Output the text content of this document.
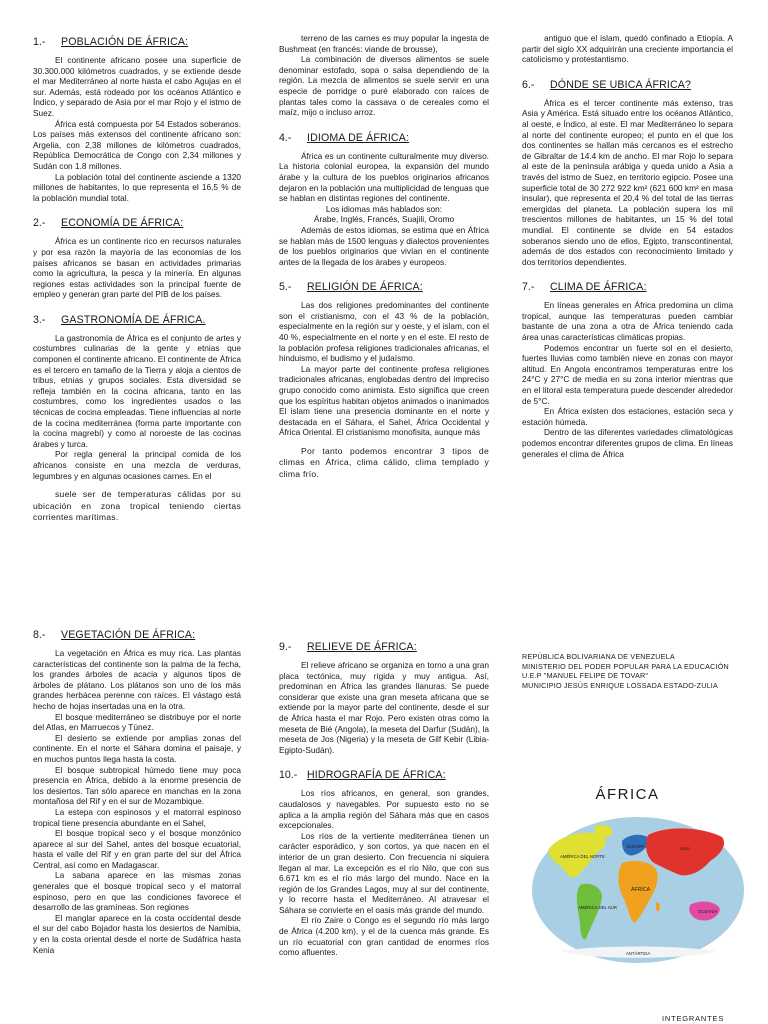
1.- POBLACIÓN DE ÁFRICA:

El continente africano posee una superficie de 30.300.000 kilómetros cuadrados, y se extiende desde el mar Mediterráneo al norte hasta el cabo Agujas en el sur. Además, está rodeado por los océanos Atlántico e Índico, y separado de Asia por el mar Rojo y el istmo de Suez.

África está compuesta por 54 Estados soberanos. Los países más extensos del continente africano son: Argelia, con 2,38 millones de kilómetros cuadrados, República Democrática de Congo con 2,34 millones y Sudán con 1.8 millones.

La población total del continente asciende a 1320 millones de habitantes, lo que representa el 16,5 % de la población mundial total.

2.- ECONOMÍA DE ÁFRICA:

África es un continente rico en recursos naturales y por esa razón la mayoría de las economías de los países africanos se basan en actividades primarias como la agricultura, la pesca y la minería. En algunas regiones estas actividades son la principal fuente de empleo y generan gran parte del PIB de los países.

3.- GASTRONOMÍA DE ÁFRICA.

La gastronomía de África es el conjunto de artes y costumbres culinarias de la gente y etnias que componen el continente africano. El continente de África es el tercero en tamaño de la Tierra y aloja a cientos de tribus, etnias y grupos sociales. Esta diversidad se refleja también en la cocina africana, tanto en las costumbres, como los ingredientes usados o las técnicas de cocina empleadas. Tiene influencias al norte de la cocina mediterránea (forma parte importante con la cocina magrebí) y como al noroeste de las cocinas árabes y turca.

Por regla general la principal comida de los africanos consiste en una mezcla de verduras, legumbres y en algunas ocasiones carnes. En el

suele ser de temperaturas cálidas por su ubicación en zona tropical teniendo ciertas corrientes marítimas.

terreno de las carnes es muy popular la ingesta de Bushmeat (en francés: viande de brousse),

La combinación de diversos alimentos se suele denominar estofado, sopa o salsa dependiendo de la región. La mezcla de alimentos se suele servir en una especie de porridge o puré elaborado con raíces de plantas tales como la cassava o de cereales como el maíz, mijo o incluso arroz.

4.- IDIOMA DE ÁFRICA:

África es un continente culturalmente muy diverso. La historia colonial europea, la expansión del mundo árabe y la cultura de los pueblos originarios africanos dejaron en la población una multiplicidad de lenguas que se hablan en distintas regiones del continente.

Los idiomas más hablados son:

Árabe, Inglés, Francés, Suajili, Oromo

Además de estos idiomas, se estima que en África se hablan más de 1500 lenguas y dialectos provenientes de los pueblos originarios que vivían en el continente antes de la llegada de los árabes y europeos.

5.- RELIGIÓN DE ÁFRICA:

Las dos religiones predominantes del continente son el cristianismo, con el 43 % de la población, especialmente en la región sur y oeste, y el islam, con el 40 %, especialmente en el norte y en el este. El resto de la población profesa religiones tradicionales africanas, el hinduismo, el budismo y el judaísmo.

La mayor parte del continente profesa religiones tradicionales africanas, englobadas dentro del impreciso grupo conocido como animista. Esto significa que creen que los espíritus habitan objetos animados o inanimados El islam tiene una presencia dominante en el norte y destacada en el Sáhara, el Sahel, África Occidental y África Oriental. El cristianismo monofisita, aunque más

Por tanto podemos encontrar 3 tipos de climas en África, clima cálido, clima templado y clima frío.

antiguo que el islam, quedó confinado a Etiopía. A partir del siglo XX adquirirán una creciente importancia el catolicismo y protestantismo.

6.- DÓNDE SE UBICA ÁFRICA?

África es el tercer continente más extenso, tras Asia y América. Está situado entre los océanos Atlántico, al oeste, e Índico, al este. El mar Mediterráneo lo separa al norte del continente europeo; el punto en el que los dos continentes se hallan más cercanos es el estrecho de Gibraltar de 14.4 km de ancho. El mar Rojo lo separa al este de la península arábiga y queda unido a Asia a través del istmo de Suez, en territorio egipcio. Posee una superficie total de 30 272 922 km² (621 600 km² en masa insular), que representa el 20,4 % del total de las tierras emergidas del planeta. La población supera los mil trescientos millones de habitantes, un 15 % del total mundial. El continente se divide en 54 estados soberanos siendo uno de ellos, Egipto, transcontinental, además de dos estados con reconocimiento limitado y dos territorios dependientes.

7.- CLIMA DE ÁFRICA:

En líneas generales en África predomina un clima tropical, aunque las temperaturas pueden cambiar bastante de una zona a otra de África teniendo cada área unas características climáticas propias.

Podemos encontrar un fuerte sol en el desierto, fuertes lluvias como también nieve en zonas con mayor altitud. En Angola encontramos temperaturas entre los 24°C y 27°C de media en su zona interior mientras que en el litoral esta temperatura puede descender alrededor de 5°C.

En África existen dos estaciones, estación seca y estación húmeda.

Dentro de las diferentes variedades climatológicas podemos encontrar diferentes grupos de clima. En líneas generales el clima de África

8.- VEGETACIÓN DE ÁFRICA:

La vegetación en África es muy rica. Las plantas características del continente son la palma de la fecha, los grandes árboles de acacia y algunos tipos de árboles de plátano. Los plátanos son uno de los más grandes herbácea perenne con raíces. El vástago está hecho de hojas insertadas una en la otra.

El bosque mediterráneo se distribuye por el norte del Atlas, en Marruecos y Túnez.

El desierto se extiende por amplias zonas del continente. En el norte el Sáhara domina el paisaje, y en muchos puntos llega hasta la costa.

El bosque subtropical húmedo tiene muy poca presencia en África, debido a la enorme presencia de los desiertos. Tan sólo aparece en manchas en la zona montañosa del Rif y en el sur de Mozambique.

La estepa con espinosos y el matorral espinoso tropical tiene presencia abundante en el Sahel,

El bosque tropical seco y el bosque monzónico aparece al sur del Sahel, antes del bosque ecuatorial, hasta el valle del Rif y en gran parte del sur del África Central, así como en Madagascar.

La sabana aparece en las mismas zonas generales que el bosque tropical seco y el matorral espinoso, pero en que las condiciones favorece el desarrollo de las gramíneas. Son regiones

El manglar aparece en la costa occidental desde el sur del cabo Bojador hasta los desiertos de Namibia, y en la costa oriental desde el norte de Sudáfrica hasta Kenia

9.- RELIEVE DE ÁFRICA:

El relieve africano se organiza en torno a una gran placa tectónica, muy rígida y muy antigua. Así, predominan en África las grandes llanuras. Se puede considerar que existe una gran meseta africana que se extiende por la mayor parte del continente, desde el sur de África hasta el mar Rojo. Pero existen otras como la meseta de Bié (Angola), la meseta del Darfur (Sudán), la meseta de Jos (Nigeria) y la meseta de Gilf Kebir (Libia-Egipto-Sudán).

10.- HIDROGRAFÍA DE ÁFRICA:

Los ríos africanos, en general, son grandes, caudalosos y navegables. Por supuesto esto no se aplica a la amplia región del Sáhara más que en casos excepcionales.

Los ríos de la vertiente mediterránea tienen un carácter esporádico, y son cortos, ya que nacen en el interior de un gran desierto. Con frecuencia ni siquiera llegan al mar. La excepción es el río Nilo, que con sus 6.671 km es el río más largo del mundo. Nace en la región de los Grandes Lagos, muy al sur del continente, y lo recorre hasta el Mediterráneo. Al atravesar el Sáhara se convierte en el oasis más grande del mundo.

El río Zaire o Congo es el segundo río más largo de África (4.200 km), y el de la cuenca más grande. Es un río ecuatorial con gran cantidad de enormes ríos como afluentes.

REPÚBLICA BOLIVARIANA DE VENEZUELA

MINISTERIO DEL PODER POPULAR PARA LA EDUCACIÓN

U.E.P "MANUEL FELIPE DE TOVAR"

MUNICIPIO JESÚS ENRIQUE LOSSADA ESTADO-ZULIA

ÁFRICA
AMÉRICA DEL NORTE
EUROPA	ASIA
ÁFRICA
AMÉRICA DEL SUR
OCEANÍA
ANTÁRTIDA
INTEGRANTES
